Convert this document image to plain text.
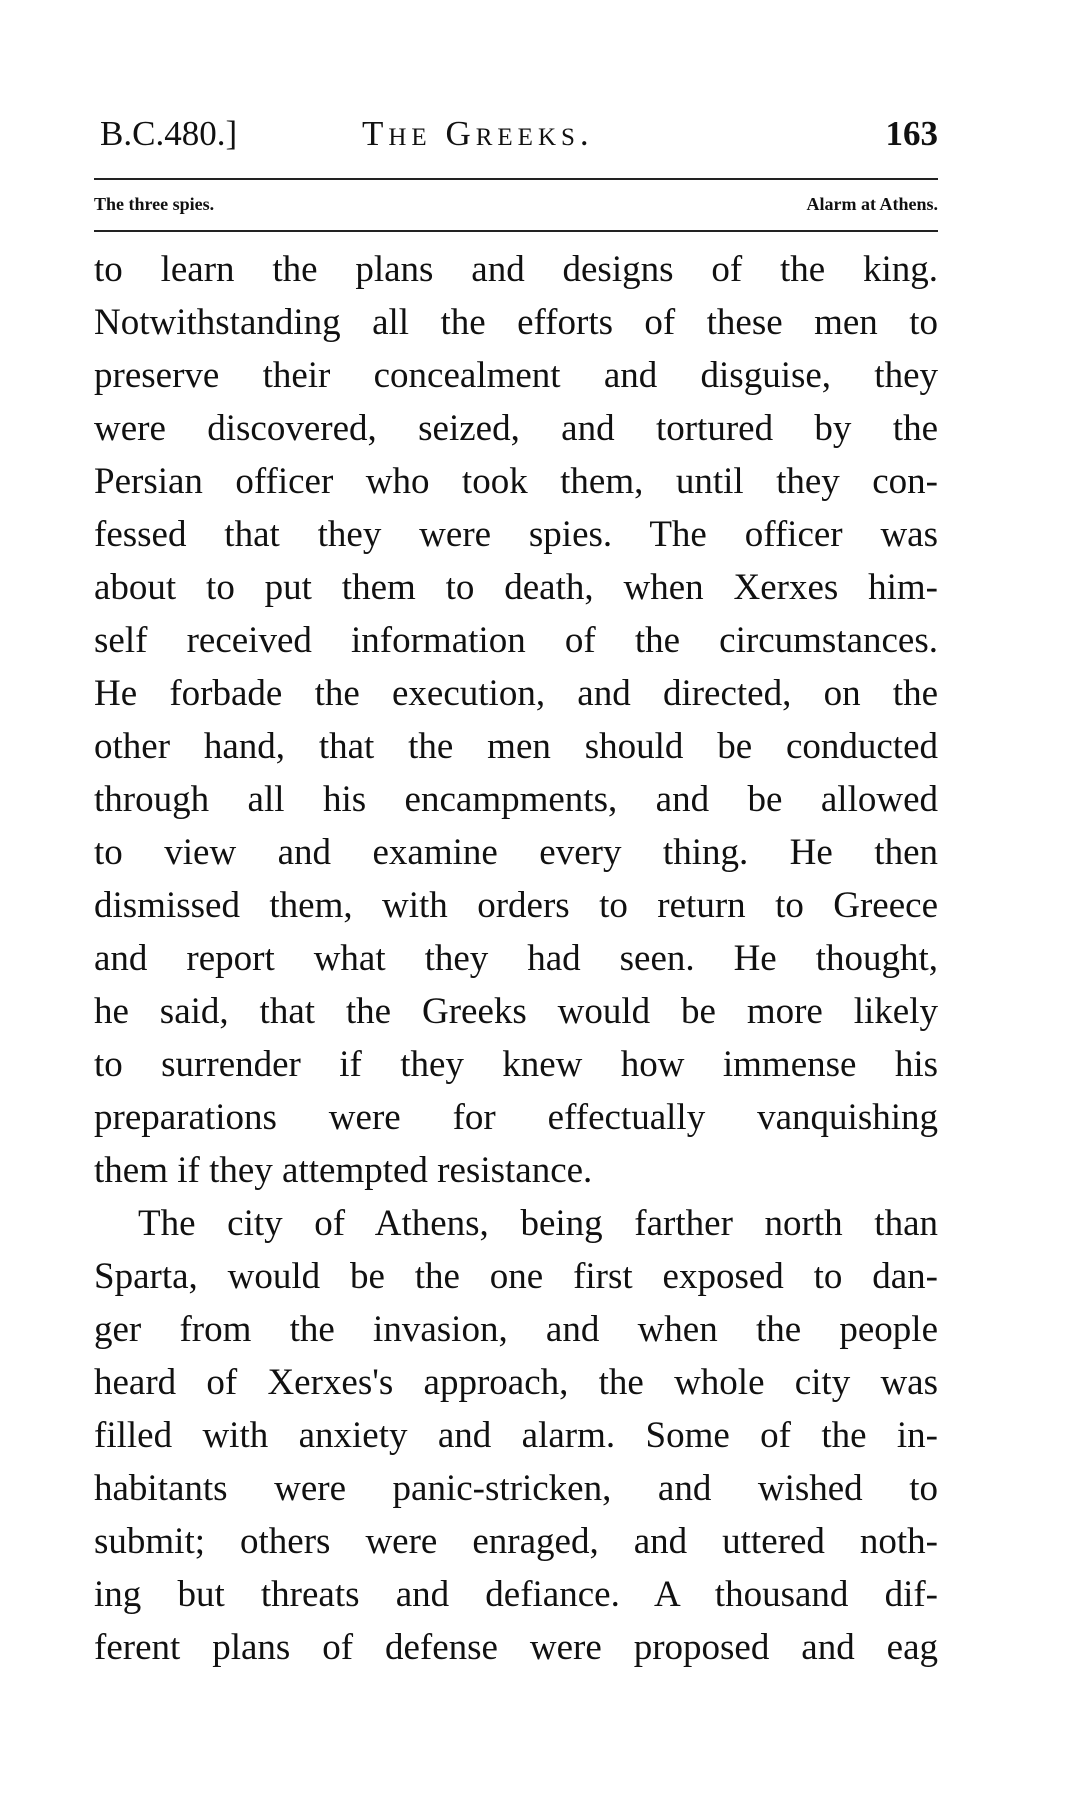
B.C.480.]	The Greeks.	163
The three spies.	Alarm at Athens.
to learn the plans and designs of the king.
Notwithstanding all the efforts of these men to
preserve their concealment and disguise, they
were discovered, seized, and tortured by the
Persian officer who took them, until they con-
fessed that they were spies. The officer was
about to put them to death, when Xerxes him-
self received information of the circumstances.
He forbade the execution, and directed, on the
other hand, that the men should be conducted
through all his encampments, and be allowed
to view and examine every thing. He then
dismissed them, with orders to return to Greece
and report what they had seen. He thought,
he said, that the Greeks would be more likely
to surrender if they knew how immense his
preparations were for effectually vanquishing
them if they attempted resistance.
The city of Athens, being farther north than
Sparta, would be the one first exposed to dan-
ger from the invasion, and when the people
heard of Xerxes's approach, the whole city was
filled with anxiety and alarm. Some of the in-
habitants were panic-stricken, and wished to
submit; others were enraged, and uttered noth-
ing but threats and defiance. A thousand dif-
ferent plans of defense were proposed and eag
